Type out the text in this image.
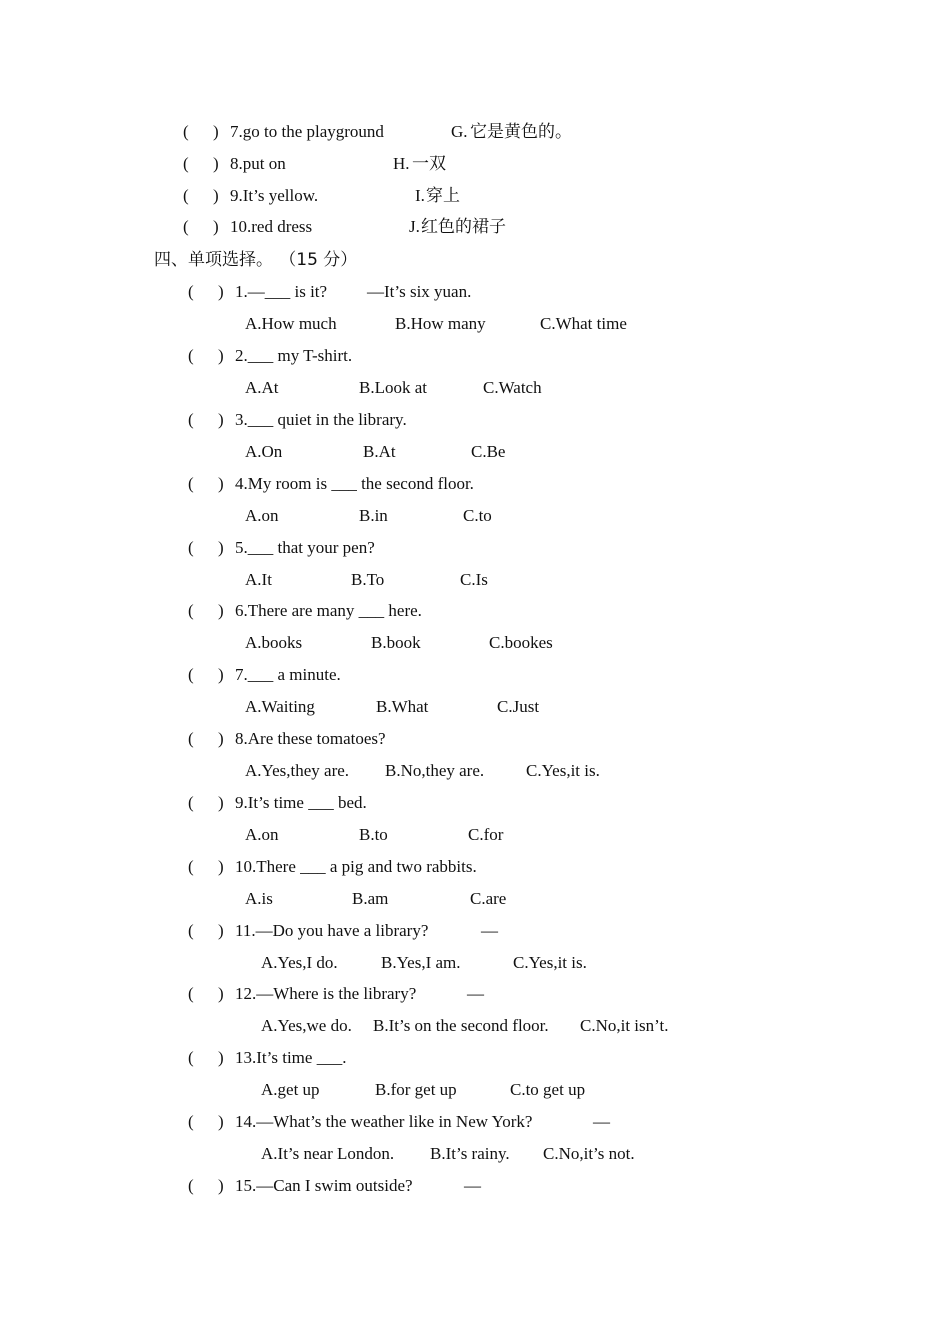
( ) 7.go to the playground	G. 它是黄色的。
( ) 8.put on	H. 一双
( ) 9.It’s yellow.	I. 穿上
( ) 10.red dress	J. 红色的裙子
四、单项选择。 （15 分）
( ) 1.—___ is it? —It’s six yuan.
A.How much	B.How many	C.What time
( ) 2.___ my T-shirt.
A.At	B.Look at	C.Watch
( ) 3.___ quiet in the library.
A.On	B.At	C.Be
( ) 4.My room is ___ the second floor.
A.on	B.in	C.to
( ) 5.___ that your pen?
A.It	B.To	C.Is
( ) 6.There are many ___ here.
A.books	B.book	C.bookes
( ) 7.___ a minute.
A.Waiting	B.What	C.Just
( ) 8.Are these tomatoes?
A.Yes,they are. B.No,they are. C.Yes,it is.
( ) 9.It’s time ___ bed.
A.on	B.to	C.for
( ) 10.There ___ a pig and two rabbits.
A.is	B.am	C.are
( ) 11.—Do you have a library?	—
A.Yes,I do.	B.Yes,I am.	C.Yes,it is.
( ) 12.—Where is the library?	—
A.Yes,we do. B.It’s on the second floor. C.No,it isn’t.
( ) 13.It’s time ___.
A.get up	B.for get up	C.to get up
( ) 14.—What’s the weather like in New York?	—
A.It’s near London. B.It’s rainy. C.No,it’s not.
( ) 15.—Can I swim outside?	—
